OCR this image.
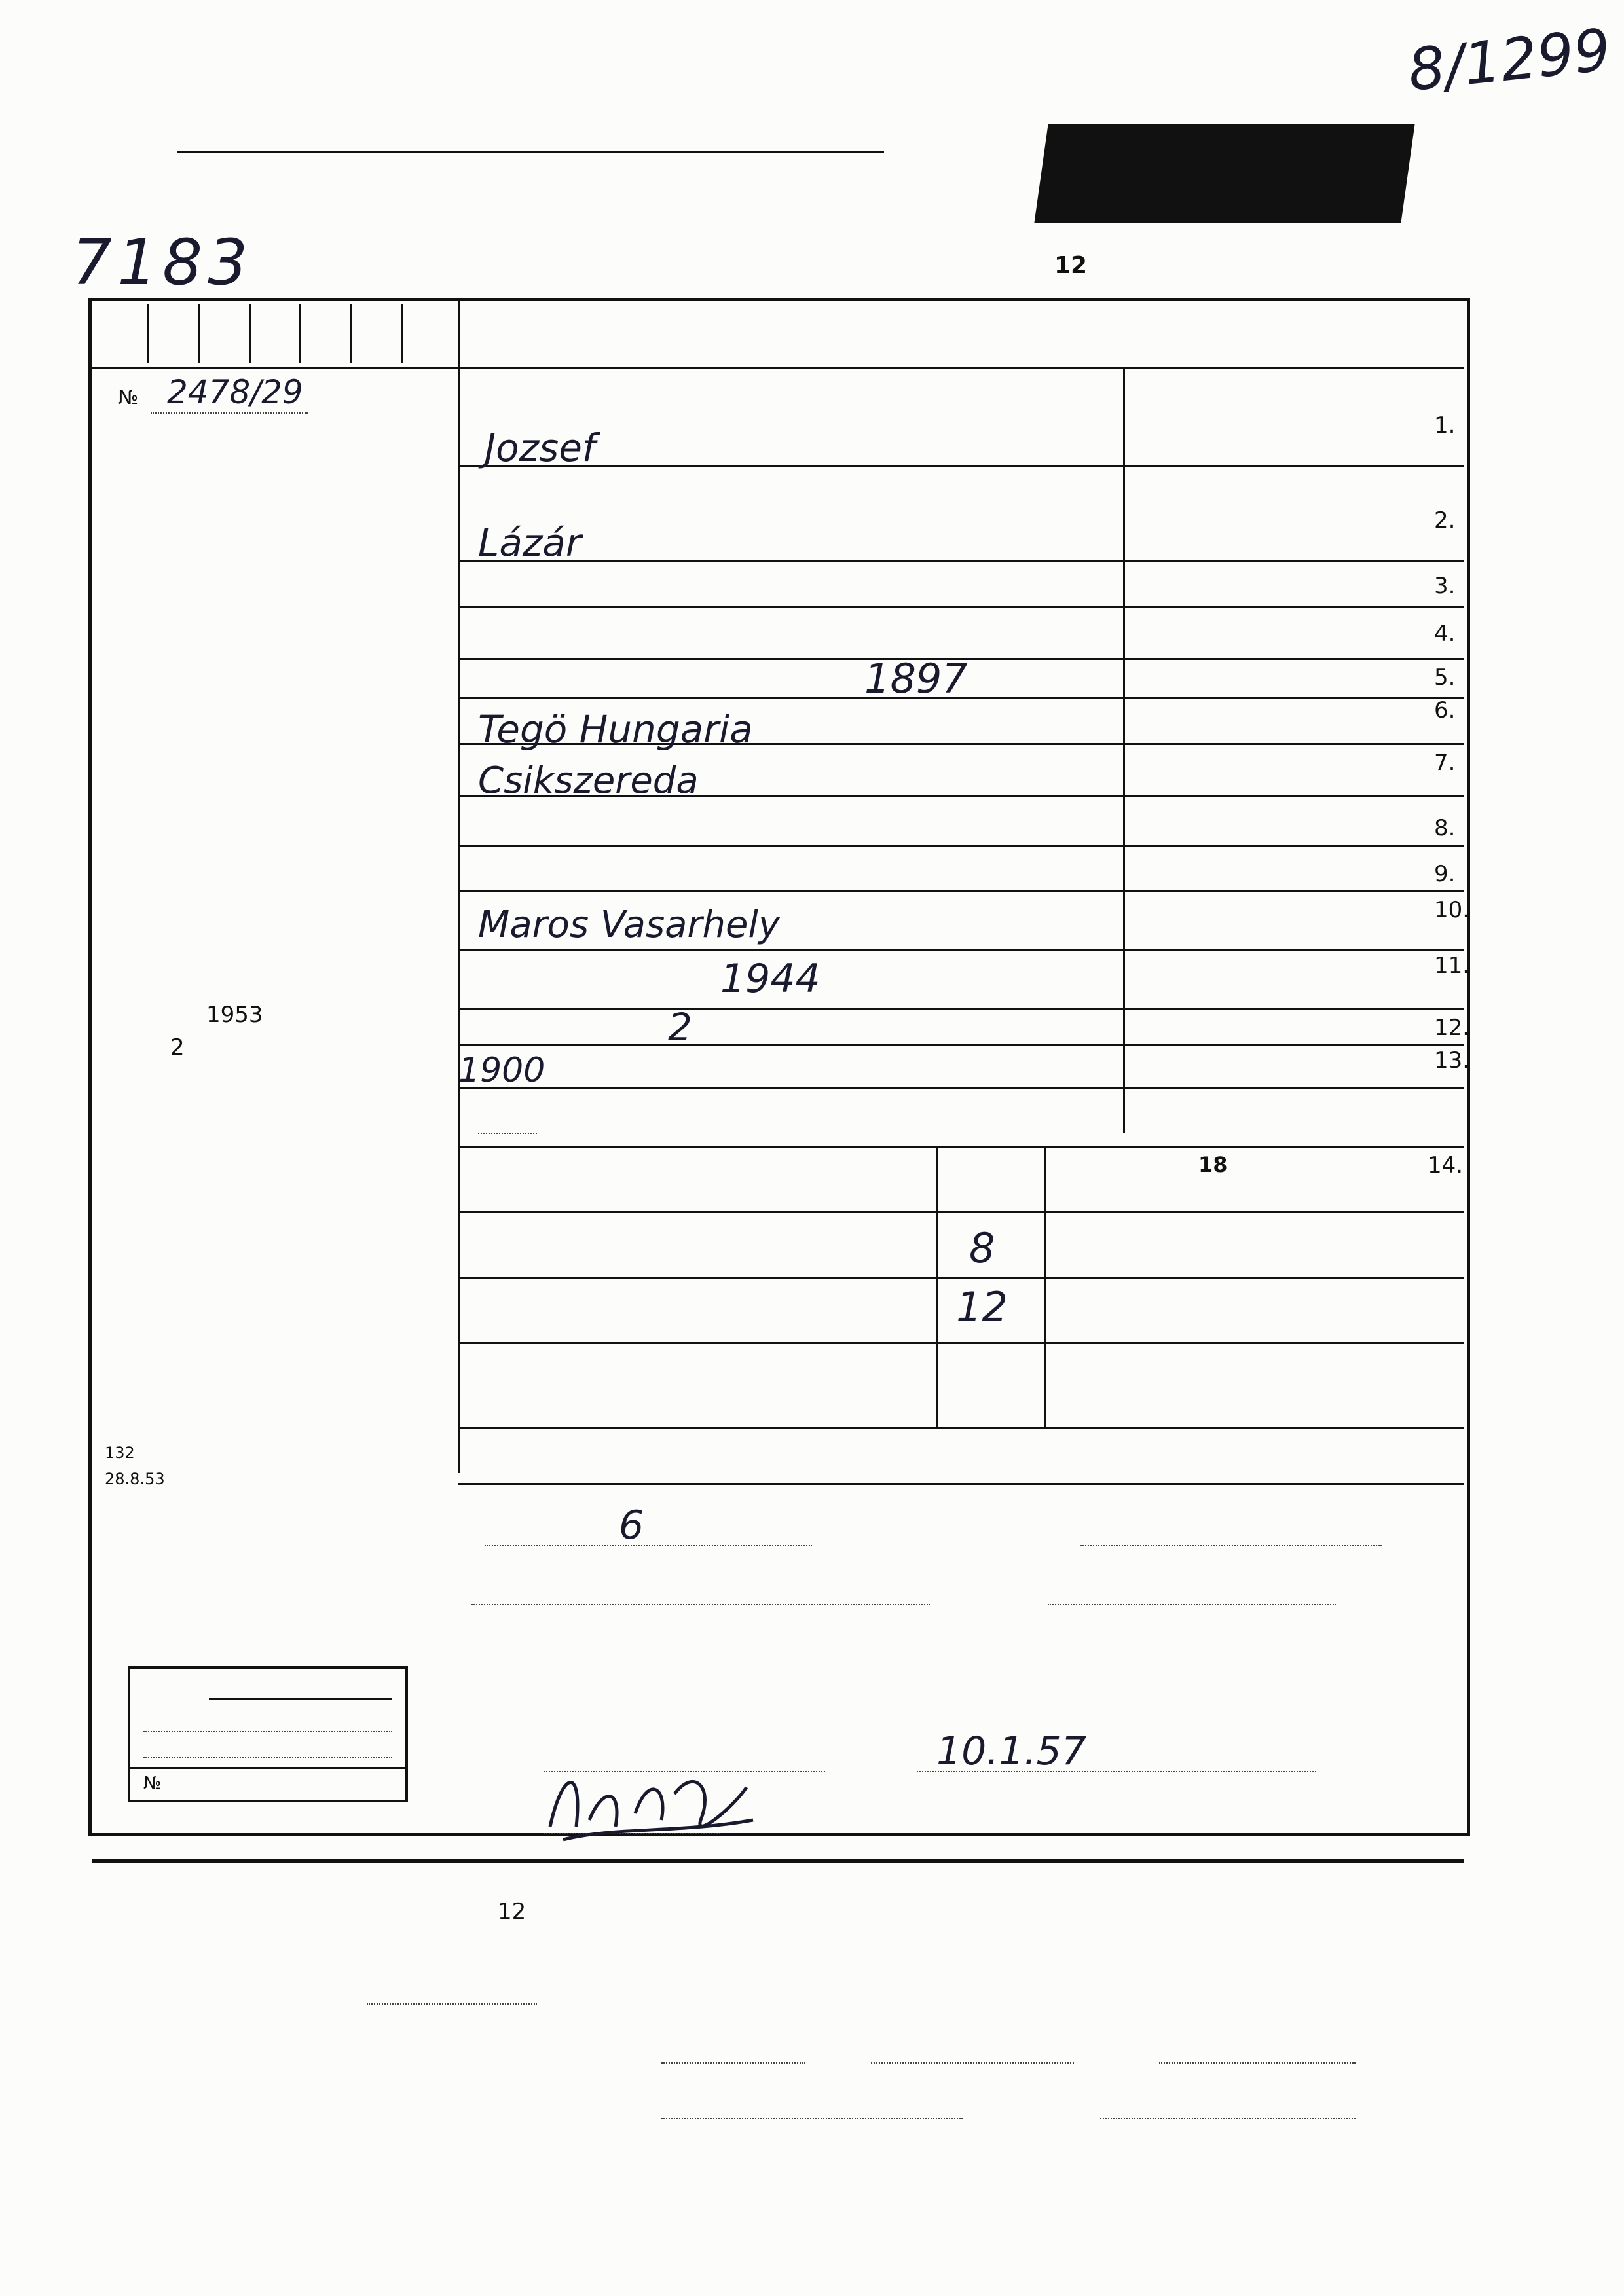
8/1299
7183	12
№ 2478/29
1.
Jozsef
2.
Lázár
3.
4.
5.
1897
6.
Tegö Hungaria
7.
Csikszereda
8.
9.
10.
Maros Vasarhely
11.
1944
12.
2
13.
1900
1953
2
132
28.8.53
14.
18
8
12
6
10.1.57
№
12
